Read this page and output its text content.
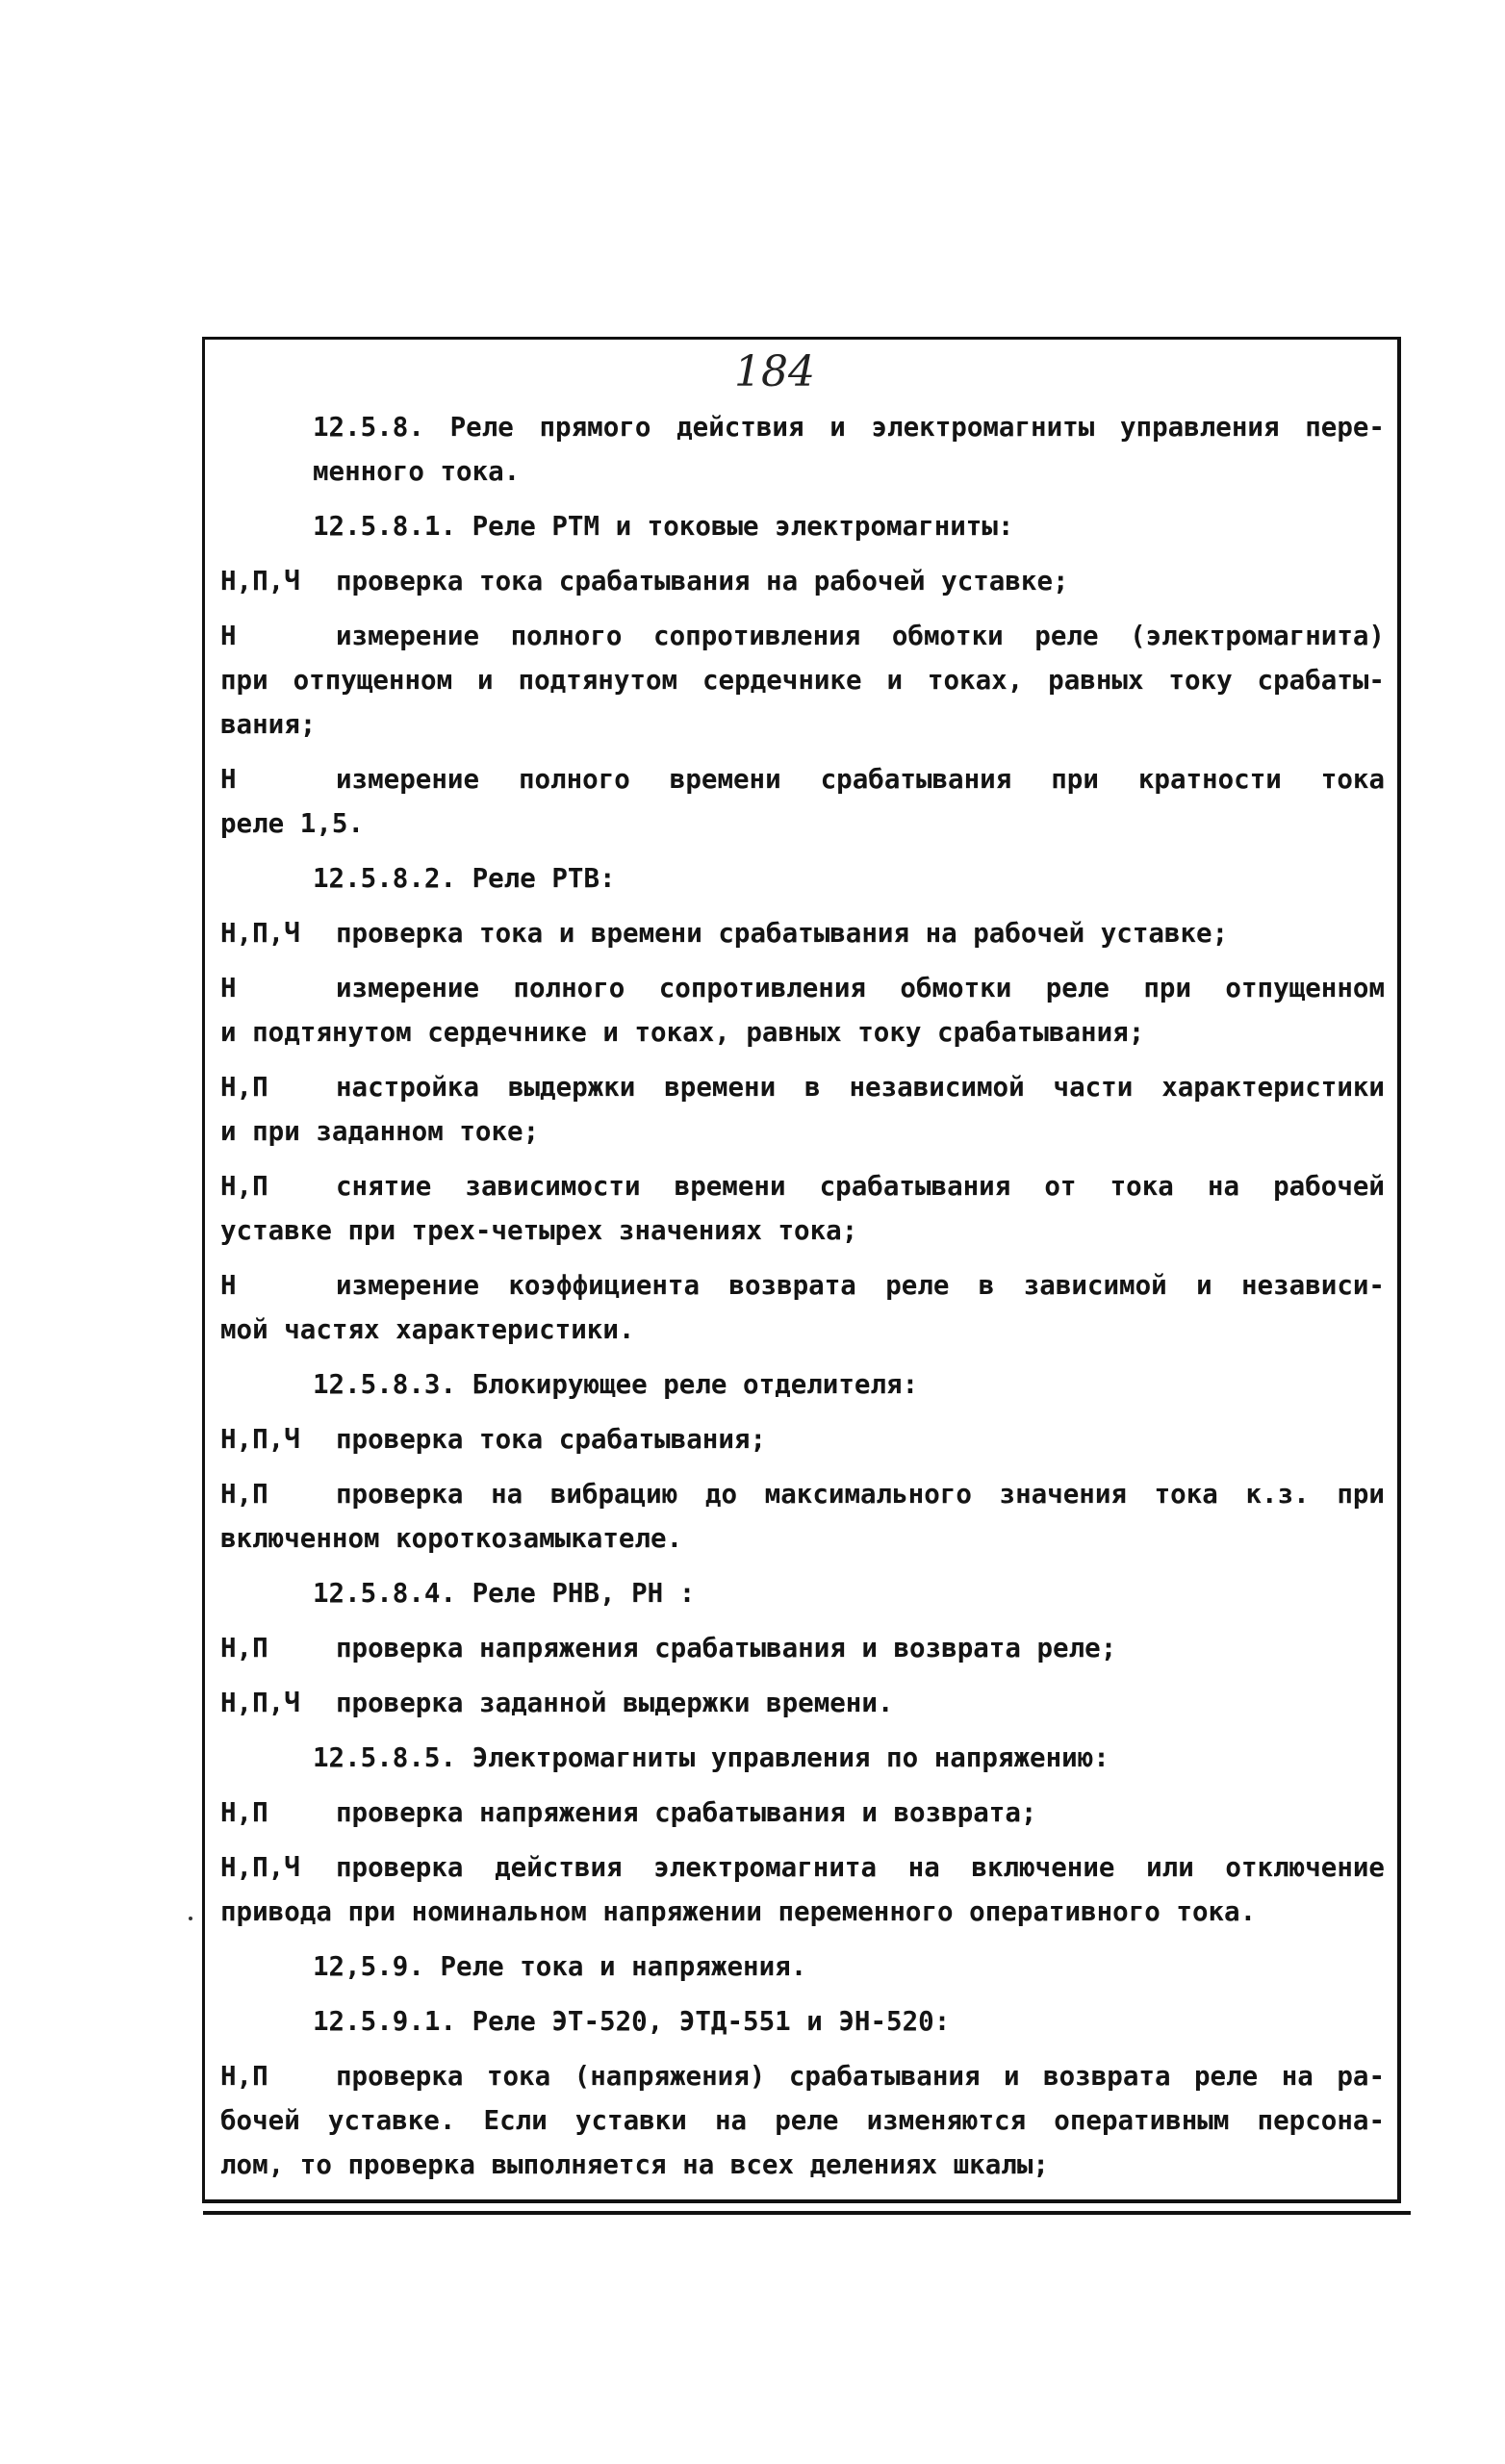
184
12.5.8. Реле прямого действия и электромагниты управления пере-
менного тока.
12.5.8.1. Реле РТМ и токовые электромагниты:
Н,П,Ч проверка тока срабатывания на рабочей уставке;
Н	измерение полного сопротивления обмотки реле (электромагнита)
при отпущенном и подтянутом сердечнике и токах, равных току срабаты-
вания;
Н	измерение полного времени срабатывания при кратности тока
реле 1,5.
12.5.8.2. Реле РТВ:
Н,П,Ч проверка тока и времени срабатывания на рабочей уставке;
Н	измерение полного сопротивления обмотки реле при отпущенном
и подтянутом сердечнике и токах, равных току срабатывания;
Н,П	настройка выдержки времени в независимой части характеристики
и при заданном токе;
Н,П	снятие зависимости времени срабатывания от тока на рабочей
уставке при трех-четырех значениях тока;
Н	измерение коэффициента возврата реле в зависимой и независи-
мой частях характеристики.
12.5.8.3. Блокирующее реле отделителя:
Н,П,Ч проверка тока срабатывания;
Н,П	проверка на вибрацию до максимального значения тока к.з. при
включенном короткозамыкателе.
12.5.8.4. Реле РНВ, РН :
Н,П	проверка напряжения срабатывания и возврата реле;
Н,П,Ч проверка заданной выдержки времени.
12.5.8.5. Электромагниты управления по напряжению:
Н,П	проверка напряжения срабатывания и возврата;
Н,П,Ч проверка действия электромагнита на включение или отключение
привода при номинальном напряжении переменного оперативного тока.
12,5.9. Реле тока и напряжения.
12.5.9.1. Реле ЭТ-520, ЭТД-551 и ЭН-520:
Н,П	проверка тока (напряжения) срабатывания и возврата реле на ра-
бочей уставке. Если уставки на реле изменяются оперативным персона-
лом, то проверка выполняется на всех делениях шкалы;
